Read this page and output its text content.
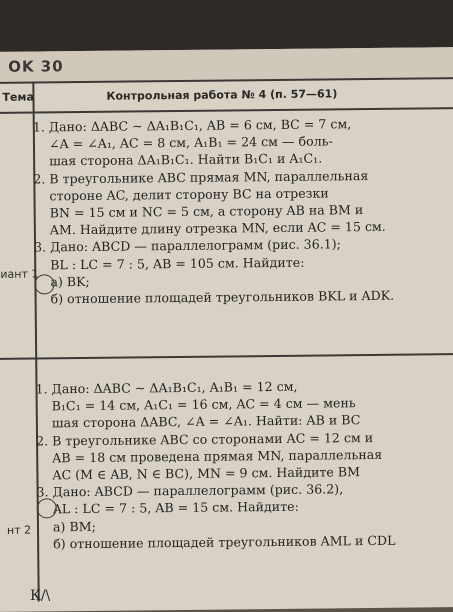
OK 30
Тема	Контрольная работа № 4 (п. 57—61)
иант 1
нт 2
1. Дано: ΔABC ~ ΔA₁B₁C₁, AB = 6 см, BC = 7 см,
∠A = ∠A₁, AC = 8 см, A₁B₁ = 24 см — боль-
шая сторона ΔA₁B₁C₁. Найти B₁C₁ и A₁C₁.
2. В треугольнике ABC прямая MN, параллельная
стороне AC, делит сторону BC на отрезки
BN = 15 см и NC = 5 см, а сторону AB на BM и
AM. Найдите длину отрезка MN, если AC = 15 см.
3. Дано: ABCD — параллелограмм (рис. 36.1);
BL : LC = 7 : 5, AB = 105 см. Найдите:
а) BK;
б) отношение площадей треугольников BKL и ADK.
1. Дано: ΔABC ~ ΔA₁B₁C₁, A₁B₁ = 12 см,
B₁C₁ = 14 см, A₁C₁ = 16 см, AC = 4 см — мень
шая сторона ΔABC, ∠A = ∠A₁. Найти: AB и BC
2. В треугольнике ABC со сторонами AC = 12 см и
AB = 18 см проведена прямая MN, параллельная
AC (M ∈ AB, N ∈ BC), MN = 9 см. Найдите BM
3. Дано: ABCD — параллелограмм (рис. 36.2),
AL : LC = 7 : 5, AB = 15 см. Найдите:
а) BM;
б) отношение площадей треугольников AML и CDL
К/\
